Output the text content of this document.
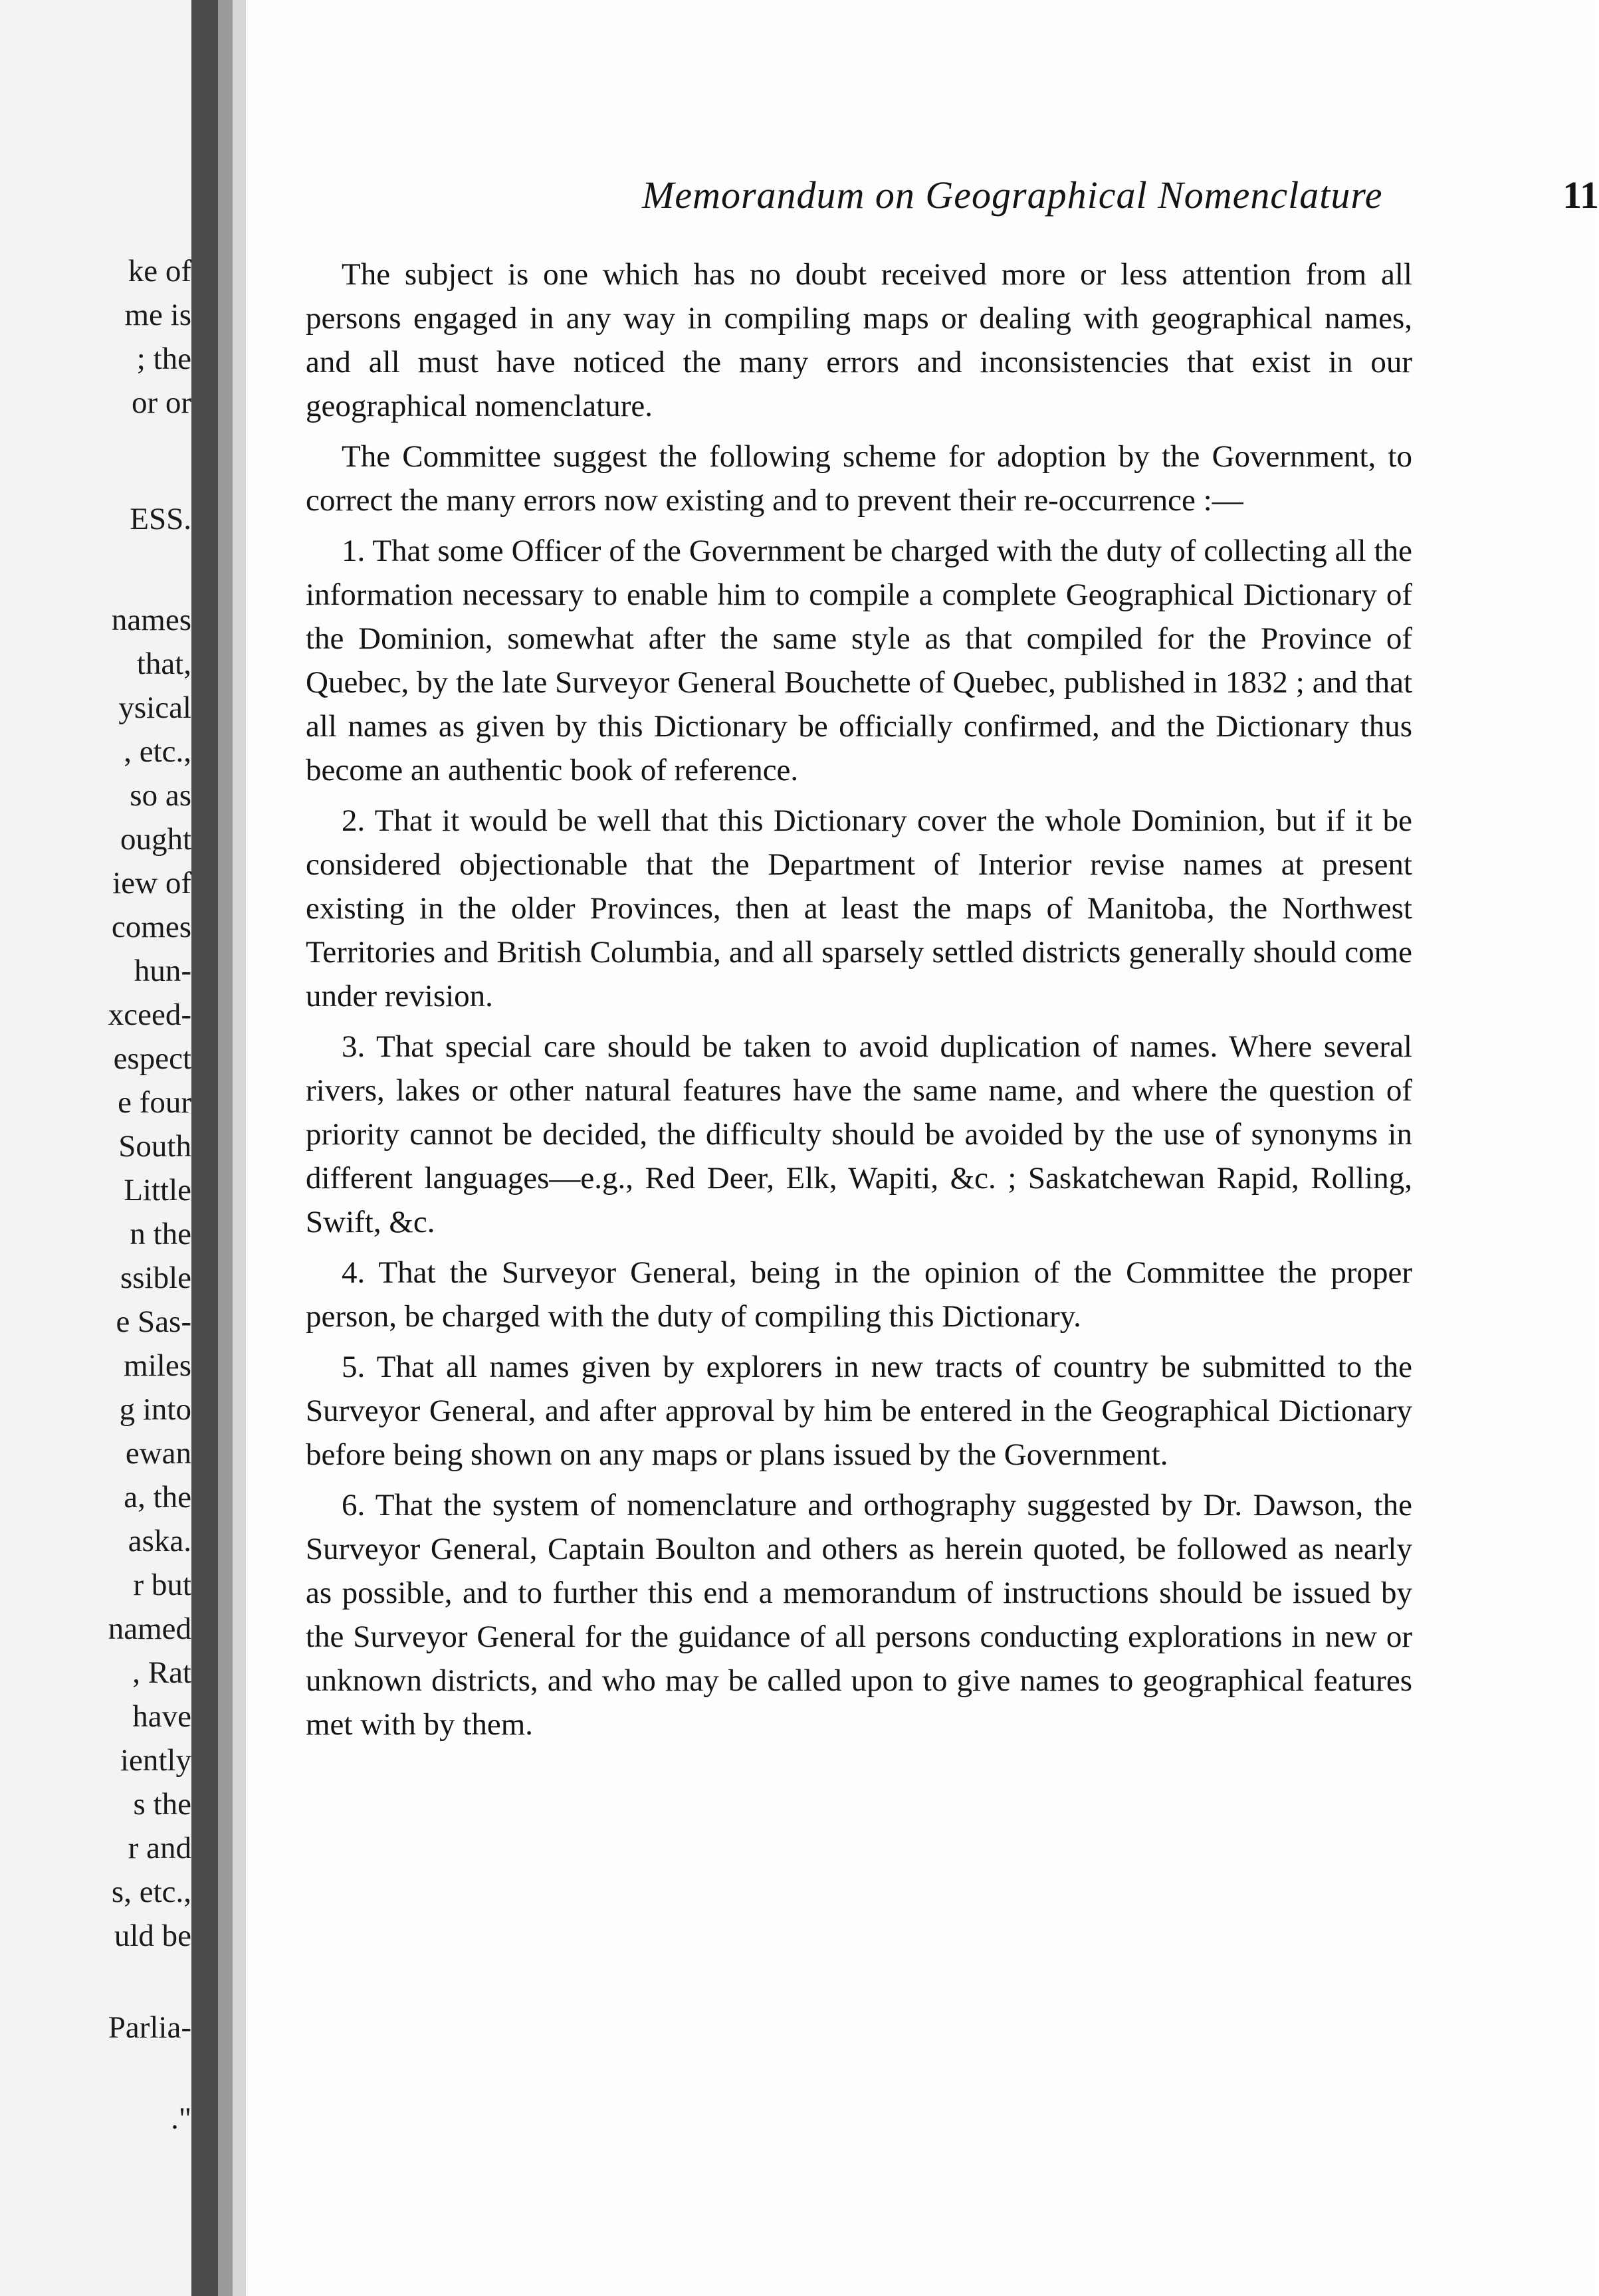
ke of
me is
; the
or or
ESS.
names
that,
ysical
, etc.,
so as
ought
iew of
comes
hun-
xceed-
espect
e four
South
Little
n the
ssible
e Sas-
miles
g into
ewan
a, the
aska.
r but
named
, Rat
have
iently
s the
r and
s, etc.,
uld be
Parlia-
."
Memorandum on Geographical Nomenclature	11

The subject is one which has no doubt received more or less attention from all persons engaged in any way in compiling maps or dealing with geographical names, and all must have noticed the many errors and inconsistencies that exist in our geographical nomenclature.

The Committee suggest the following scheme for adoption by the Government, to correct the many errors now existing and to prevent their re-occurrence :—

1. That some Officer of the Government be charged with the duty of collecting all the information necessary to enable him to compile a complete Geographical Dictionary of the Dominion, somewhat after the same style as that compiled for the Province of Quebec, by the late Surveyor General Bouchette of Quebec, published in 1832 ; and that all names as given by this Dictionary be officially confirmed, and the Dictionary thus become an authentic book of reference.

2. That it would be well that this Dictionary cover the whole Dominion, but if it be considered objectionable that the Department of Interior revise names at present existing in the older Provinces, then at least the maps of Manitoba, the Northwest Territories and British Columbia, and all sparsely settled districts generally should come under revision.

3. That special care should be taken to avoid duplication of names. Where several rivers, lakes or other natural features have the same name, and where the question of priority cannot be decided, the difficulty should be avoided by the use of synonyms in different languages—e.g., Red Deer, Elk, Wapiti, &c. ; Saskatchewan Rapid, Rolling, Swift, &c.

4. That the Surveyor General, being in the opinion of the Committee the proper person, be charged with the duty of compiling this Dictionary.

5. That all names given by explorers in new tracts of country be submitted to the Surveyor General, and after approval by him be entered in the Geographical Dictionary before being shown on any maps or plans issued by the Government.

6. That the system of nomenclature and orthography suggested by Dr. Dawson, the Surveyor General, Captain Boulton and others as herein quoted, be followed as nearly as possible, and to further this end a memorandum of instructions should be issued by the Surveyor General for the guidance of all persons conducting explorations in new or unknown districts, and who may be called upon to give names to geographical features met with by them.
